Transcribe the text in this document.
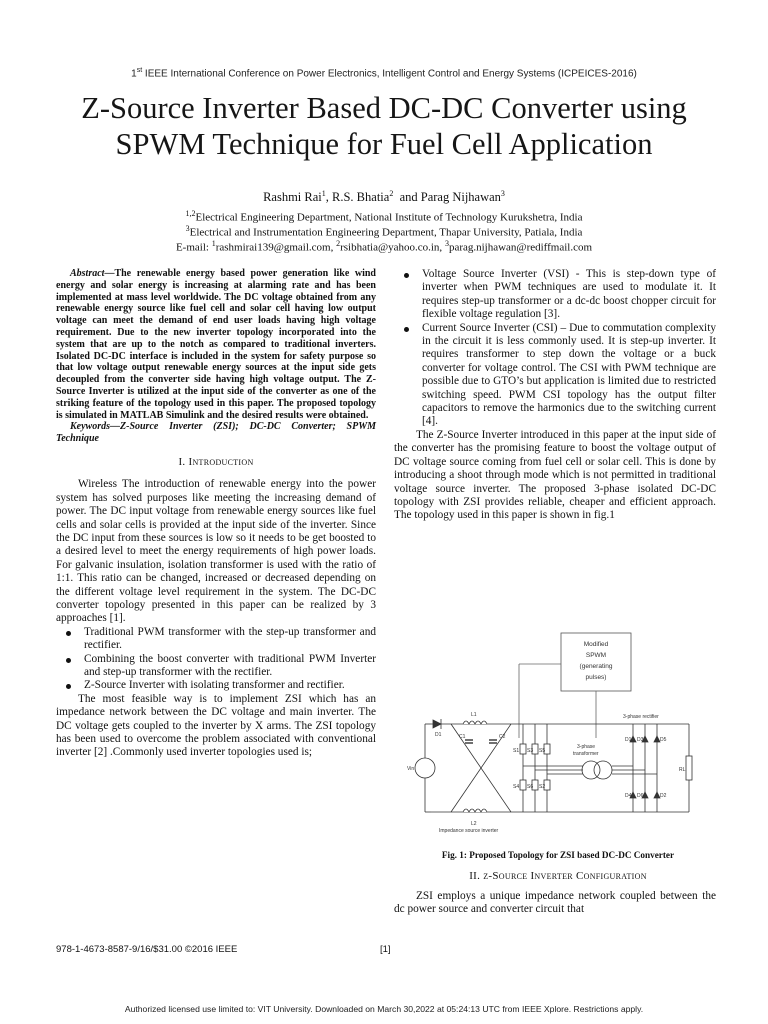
1st IEEE International Conference on Power Electronics, Intelligent Control and Energy Systems (ICPEICES-2016)
Z-Source Inverter Based DC-DC Converter using
SPWM Technique for Fuel Cell Application
Rashmi Rai$^1$, R.S. Bhatia$^2$  and Parag Nijhawan$^3$
$^{1,2}$Electrical Engineering Department, National Institute of Technology Kurukshetra, India
$^3$Electrical and Instrumentation Engineering Department, Thapar University, Patiala, India
E-mail: $^1$rashmirai139@gmail.com, $^2$rsibhatia@yahoo.co.in, $^3$parag.nijhawan@rediffmail.com

Abstract—The renewable energy based power generation like wind energy and solar energy is increasing at alarming rate and has been implemented at mass level worldwide. The DC voltage obtained from any renewable energy source like fuel cell and solar cell having low output voltage can meet the demand of end user loads having high voltage requirement. Due to the new inverter topology incorporated into the system that are up to the notch as compared to traditional inverters. Isolated DC-DC interface is included in the system for safety purpose so that low voltage output renewable energy sources at the input side gets decoupled from the converter side having high voltage output. The Z-Source Inverter is utilized at the input side of the converter as one of the striking feature of the topology used in this paper. The proposed topology is simulated in MATLAB Simulink and the desired results were obtained.

Keywords—Z-Source Inverter (ZSI); DC-DC Converter; SPWM Technique

I. Introduction

Wireless The introduction of renewable energy into the power system has solved purposes like meeting the increasing demand of power. The DC input voltage from renewable energy sources like fuel cells and solar cells is provided at the input side of the inverter. Since the DC input from these sources is low so it needs to be get boosted to a desired level to meet the energy requirements of high power loads. For galvanic insulation, isolation transformer is used with the ratio of 1:1. This ratio can be changed, increased or decreased depending on the different voltage level requirement in the system. The DC-DC converter topology presented in this paper can be realized by 3 approaches [1].

Traditional PWM transformer with the step-up transformer and rectifier.
Combining the boost converter with traditional PWM Inverter and step-up transformer with the rectifier.
Z-Source Inverter with isolating transformer and rectifier.

The most feasible way is to implement ZSI which has an impedance network between the DC voltage and main inverter. The DC voltage gets coupled to the inverter by X arms. The ZSI topology has been used to overcome the problem associated with conventional inverter [2] .Commonly used inverter topologies used is;

Voltage Source Inverter (VSI) - This is step-down type of inverter when PWM techniques are used to modulate it. It requires step-up transformer or a dc-dc boost chopper circuit for flexible voltage regulation [3].
Current Source Inverter (CSI) – Due to commutation complexity in the circuit it is less commonly used. It is step-up inverter. It requires transformer to step down the voltage or a buck converter for voltage control. The CSI with PWM technique are possible due to GTO’s but application is limited due to restricted switching speed. PWM CSI topology has the output filter capacitors to remove the harmonics due to the switching current [4].

The Z-Source Inverter introduced in this paper at the input side of the converter has the promising feature to boost the voltage output of DC voltage source coming from fuel cell or solar cell. This is done by introducing a shoot through mode which is not permitted in traditional voltage source inverter. The proposed 3-phase isolated DC-DC topology with ZSI provides reliable, cheaper and efficient approach. The topology used in this paper is shown in fig.1

Modified
SPWM
(generating
pulses)
3-phase rectifier
3-phase
transformer
Impedance source inverter
Vin
L1
L2
C1	C2
D1
RL
S1 S3 S5
S4 S6 S2
D1 D3	D5
D4 D6	D2
Fig. 1: Proposed Topology for ZSI based DC-DC Converter
II. z-Source Inverter Configuration

ZSI employs a unique impedance network coupled between the dc power source and converter circuit that

978-1-4673-8587-9/16/$31.00 ©2016 IEEE	[1]
Authorized licensed use limited to: VIT University. Downloaded on March 30,2022 at 05:24:13 UTC from IEEE Xplore. Restrictions apply.
